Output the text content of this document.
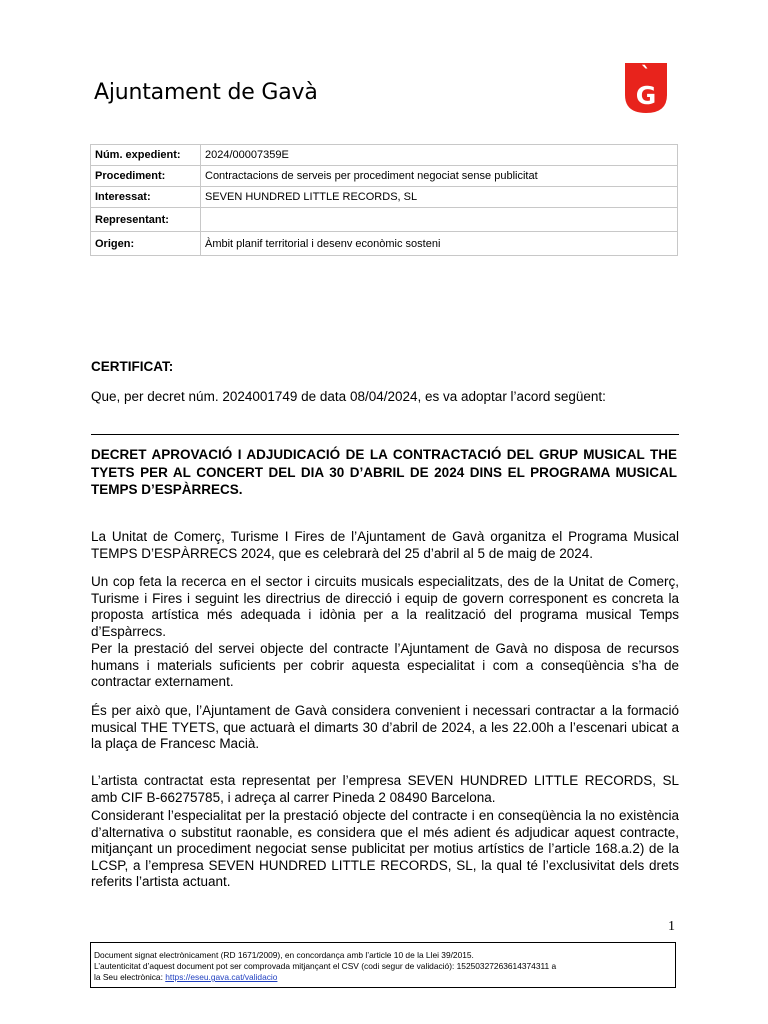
Ajuntament de Gavà
`
G
Núm. expedient:	2024/00007359E
Procediment:	Contractacions de serveis per procediment negociat sense publicitat
Interessat:	SEVEN HUNDRED LITTLE RECORDS, SL
Representant:	
Origen:	Àmbit planif territorial i desenv econòmic sosteni
CERTIFICAT:
Que, per decret núm. 2024001749 de data 08/04/2024, es va adoptar l’acord següent:
DECRET APROVACIÓ I ADJUDICACIÓ DE LA CONTRACTACIÓ DEL GRUP MUSICAL THE TYETS PER AL CONCERT DEL DIA 30 D’ABRIL DE 2024 DINS EL PROGRAMA MUSICAL TEMPS D’ESPÀRRECS.

La Unitat de Comerç, Turisme I Fires de l’Ajuntament de Gavà organitza el Programa Musical TEMPS D’ESPÀRRECS 2024, que es celebrarà del 25 d’abril al 5 de maig de 2024.

Un cop feta la recerca en el sector i circuits musicals especialitzats, des de la Unitat de Comerç, Turisme i Fires i seguint les directrius de direcció i equip de govern corresponent es concreta la proposta artística més adequada i idònia per a la realització del programa musical Temps d’Espàrrecs.

Per la prestació del servei objecte del contracte l’Ajuntament de Gavà no disposa de recursos humans i materials suficients per cobrir aquesta especialitat i com a conseqüència s’ha de contractar externament.

És per això que, l’Ajuntament de Gavà considera convenient i necessari contractar a la formació musical THE TYETS, que actuarà el dimarts 30 d’abril de 2024, a les 22.00h a l’escenari ubicat a la plaça de Francesc Macià.

L’artista contractat esta representat per l’empresa SEVEN HUNDRED LITTLE RECORDS, SL amb CIF B-66275785, i adreça al carrer Pineda 2 08490 Barcelona.

Considerant l’especialitat per la prestació objecte del contracte i en conseqüència la no existència d’alternativa o substitut raonable, es considera que el més adient és adjudicar aquest contracte, mitjançant un procediment negociat sense publicitat per motius artístics de l’article 168.a.2) de la LCSP, a l’empresa SEVEN HUNDRED LITTLE RECORDS, SL, la qual té l’exclusivitat dels drets referits l’artista actuant.

1
Document signat electrònicament (RD 1671/2009), en concordança amb l’article 10 de la Llei 39/2015.
L’autenticitat d’aquest document pot ser comprovada mitjançant el CSV (codi segur de validació): 15250327263614374311 a
la Seu electrònica: https://eseu.gava.cat/validacio
